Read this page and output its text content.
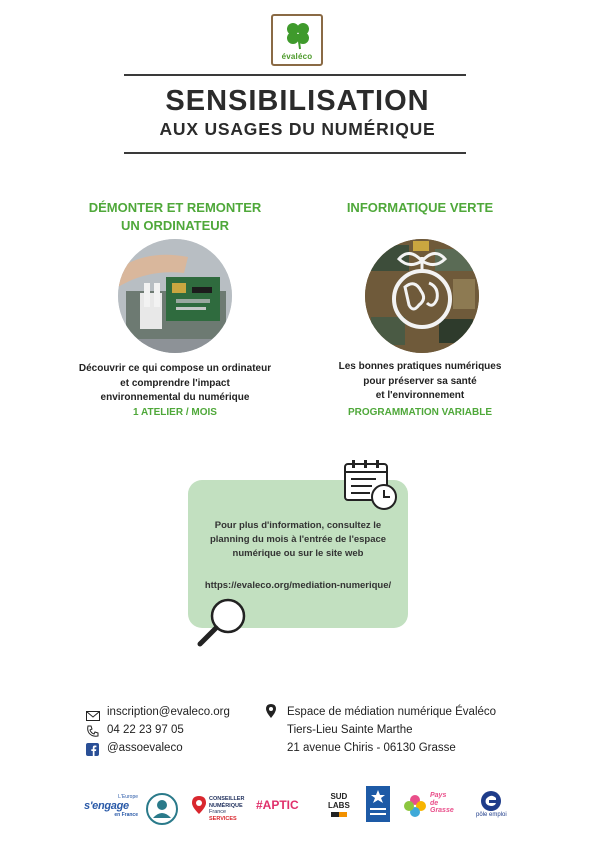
évaléco
SENSIBILISATION
AUX USAGES DU NUMÉRIQUE
DÉMONTER ET REMONTER
UN ORDINATEUR
Découvrir ce qui compose un ordinateur
et comprendre l'impact
environnemental du numérique
1 ATELIER / MOIS
INFORMATIQUE VERTE
Les bonnes pratiques numériques
pour préserver sa santé
et l'environnement
PROGRAMMATION VARIABLE
Pour plus d'information, consultez le
planning du mois à l'entrée de l'espace
numérique ou sur le site web
https://evaleco.org/mediation-numerique/
inscription@evaleco.org
04 22 23 97 05
@assoevaleco
Espace de médiation numérique Évaléco
Tiers-Lieu Sainte Marthe
21 avenue Chiris - 06130 Grasse
L'Europe
s'engage
en France
CONSEILLER
NUMÉRIQUE
France
SERVICES
#APTIC
SUD
LABS
Pays
de
Grasse
pôle emploi
